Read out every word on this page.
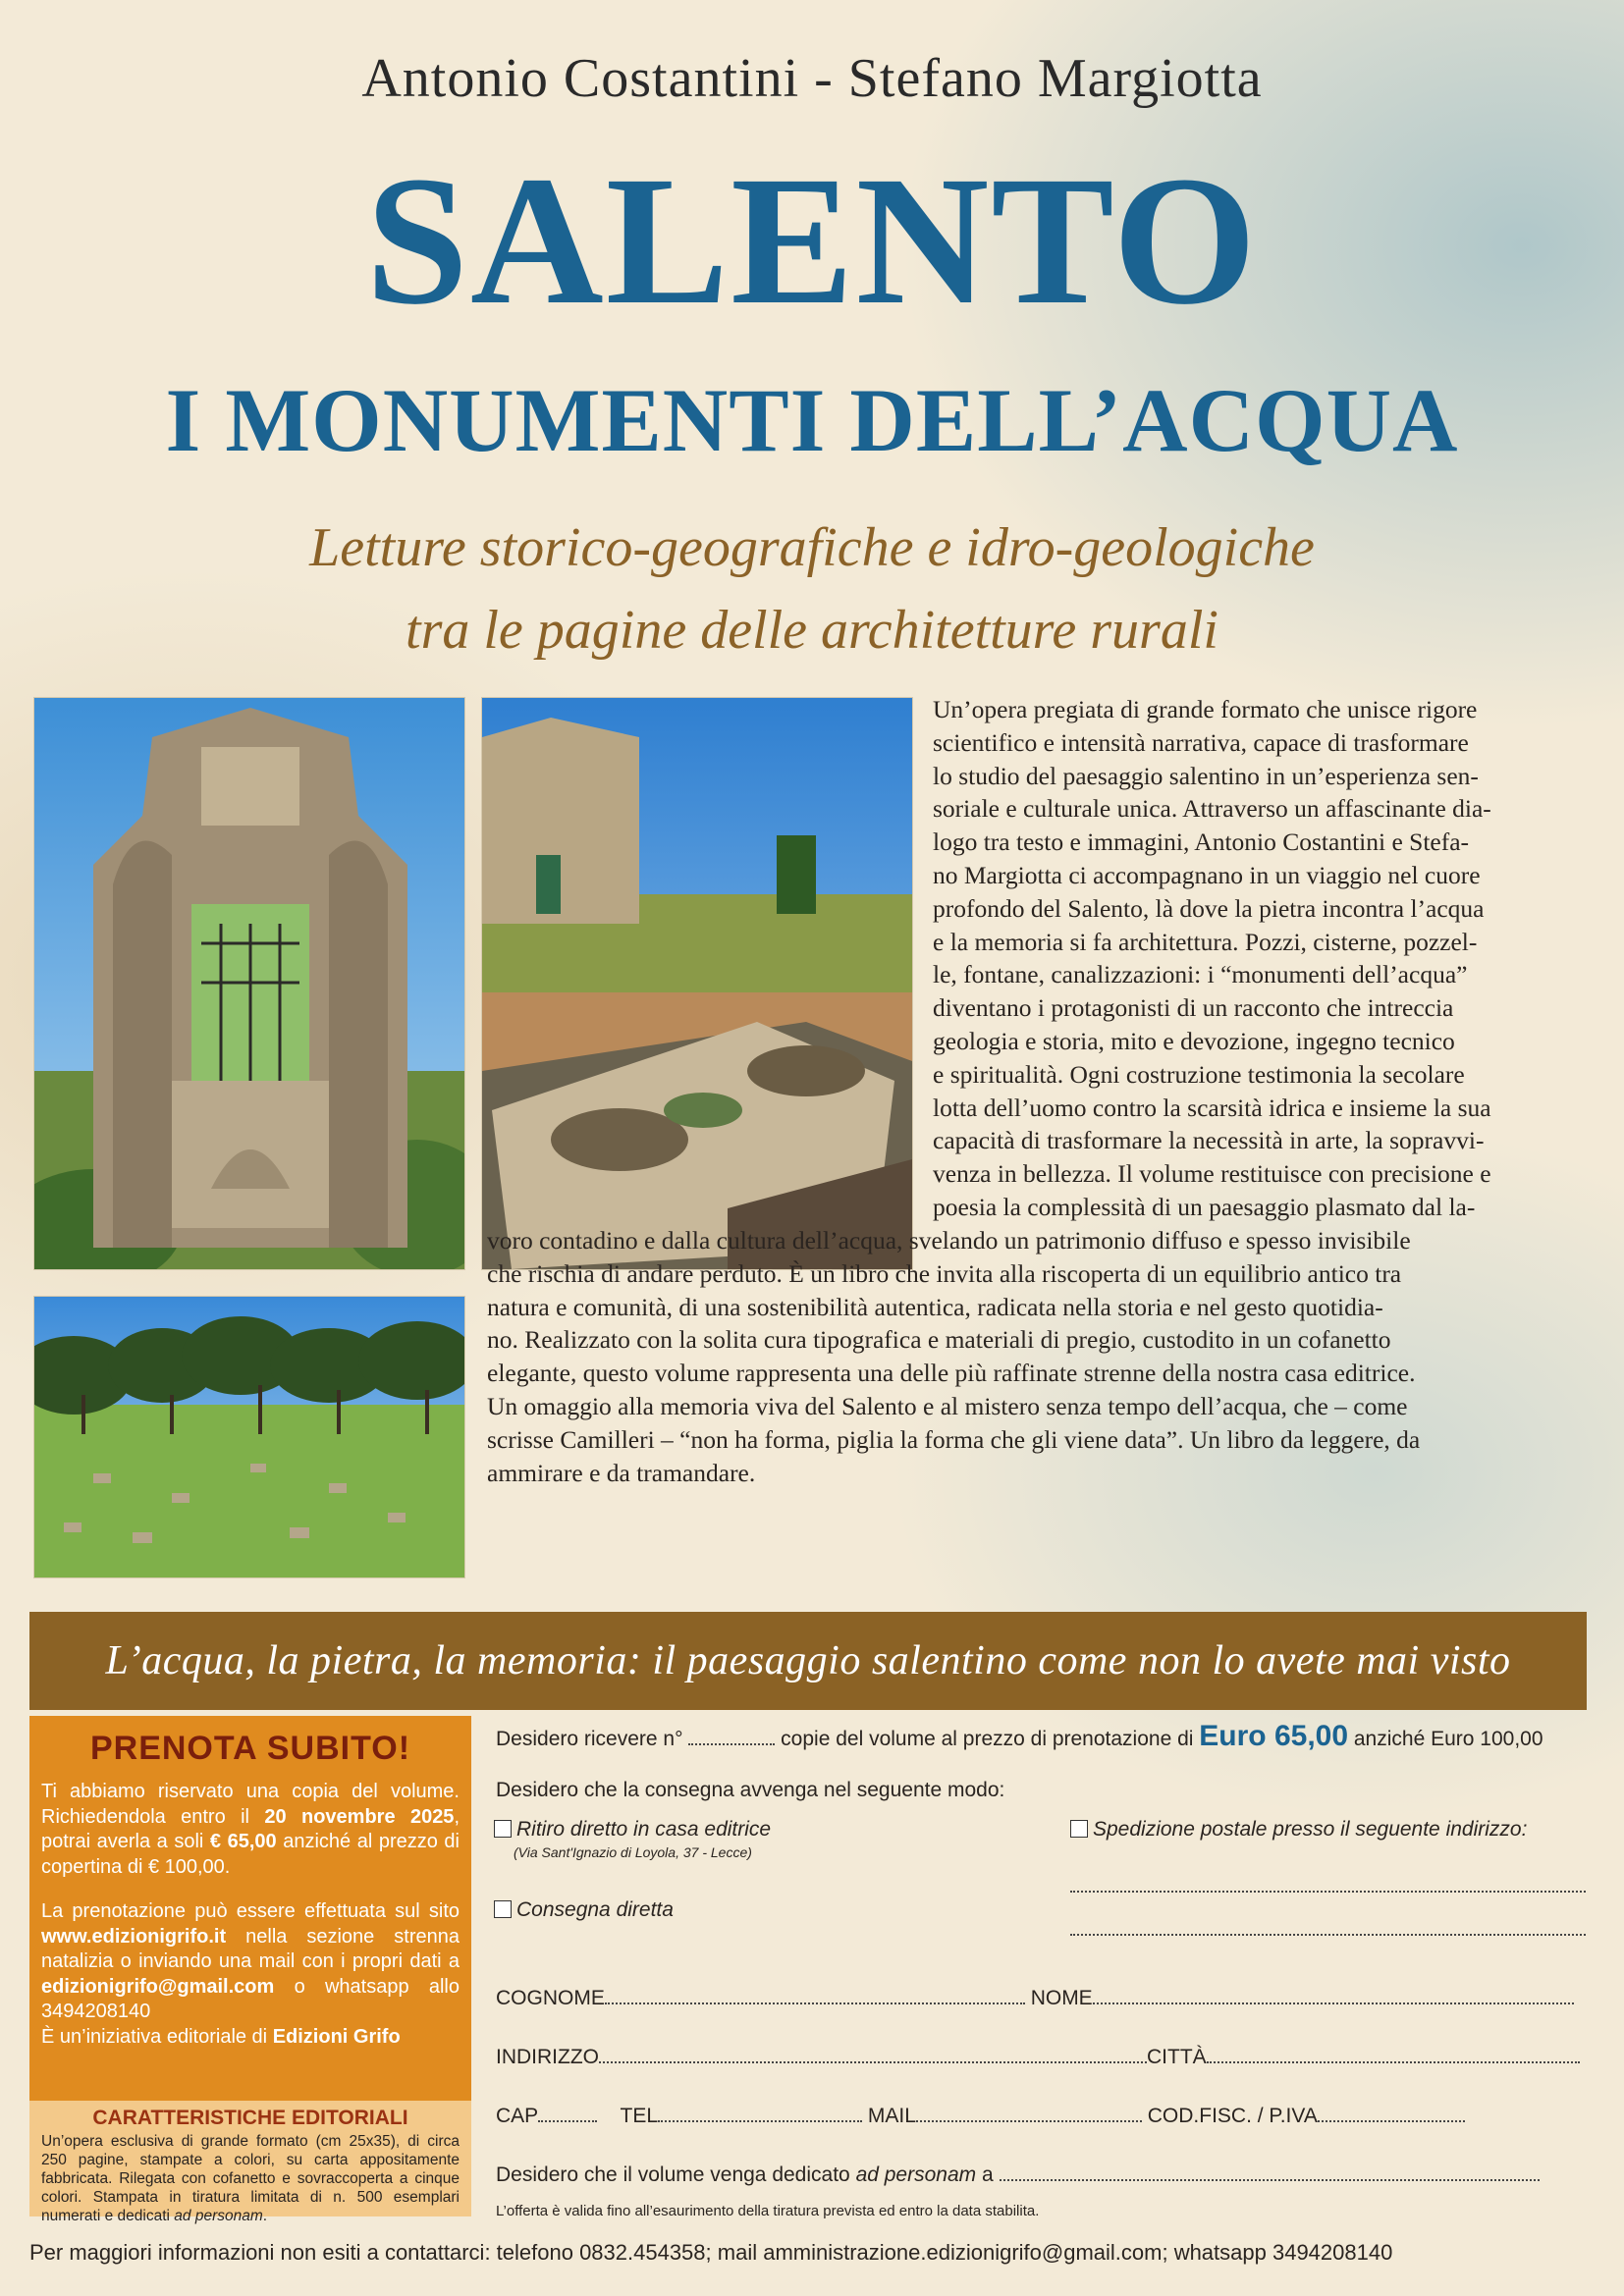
Antonio Costantini - Stefano Margiotta
SALENTO
I MONUMENTI DELL’ACQUA
Letture storico-geografiche e idro-geologiche
tra le pagine delle architetture rurali
Un’opera pregiata di grande formato che unisce rigore
scientifico e intensità narrativa, capace di trasformare
lo studio del paesaggio salentino in un’esperienza sen-
soriale e culturale unica. Attraverso un affascinante dia-
logo tra testo e immagini, Antonio Costantini e Stefa-
no Margiotta ci accompagnano in un viaggio nel cuore
profondo del Salento, là dove la pietra incontra l’acqua
e la memoria si fa architettura. Pozzi, cisterne, pozzel-
le, fontane, canalizzazioni: i “monumenti dell’acqua”
diventano i protagonisti di un racconto che intreccia
geologia e storia, mito e devozione, ingegno tecnico
e spiritualità. Ogni costruzione testimonia la secolare
lotta dell’uomo contro la scarsità idrica e insieme la sua
capacità di trasformare la necessità in arte, la sopravvi-
venza in bellezza. Il volume restituisce con precisione e
poesia la complessità di un paesaggio plasmato dal la-
voro contadino e dalla cultura dell’acqua, svelando un patrimonio diffuso e spesso invisibile
che rischia di andare perduto. È un libro che invita alla riscoperta di un equilibrio antico tra
natura e comunità, di una sostenibilità autentica, radicata nella storia e nel gesto quotidia-
no. Realizzato con la solita cura tipografica e materiali di pregio, custodito in un cofanetto
elegante, questo volume rappresenta una delle più raffinate strenne della nostra casa editrice.
Un omaggio alla memoria viva del Salento e al mistero senza tempo dell’acqua, che – come
scrisse Camilleri – “non ha forma, piglia la forma che gli viene data”. Un libro da leggere, da
ammirare e da tramandare.
L’acqua, la pietra, la memoria: il paesaggio salentino come non lo avete mai visto
PRENOTA SUBITO!
Ti abbiamo riservato una copia del volume. Richiedendola entro il 20 novembre 2025, potrai averla a soli € 65,00 anziché al prezzo di copertina di € 100,00.
La prenotazione può essere effettuata sul sito www.edizionigrifo.it nella sezione strenna natalizia o inviando una mail con i propri dati a edizionigrifo@gmail.com o whatsapp allo 3494208140
È un’iniziativa editoriale di Edizioni Grifo
CARATTERISTICHE EDITORIALI
Un’opera esclusiva di grande formato (cm 25x35), di circa 250 pagine, stampate a colori, su carta appositamente fabbricata. Rilegata con cofanetto e sovraccoperta a cinque colori. Stampata in tiratura limitata di n. 500 esemplari numerati e dedicati ad personam.
Desidero ricevere n°	copie del volume al prezzo di prenotazione di Euro 65,00 anziché Euro 100,00
Desidero che la consegna avvenga nel seguente modo:
Ritiro diretto in casa editrice
(Via Sant'Ignazio di Loyola, 37 - Lecce)
Spedizione postale presso il seguente indirizzo:
Consegna diretta
COGNOME	NOME
INDIRIZZO	CITTÀ
CAP	TEL	MAIL	COD.FISC. / P.IVA
Desidero che il volume venga dedicato ad personam a
L’offerta è valida fino all’esaurimento della tiratura prevista ed entro la data stabilita.
Per maggiori informazioni non esiti a contattarci: telefono 0832.454358; mail amministrazione.edizionigrifo@gmail.com; whatsapp 3494208140
